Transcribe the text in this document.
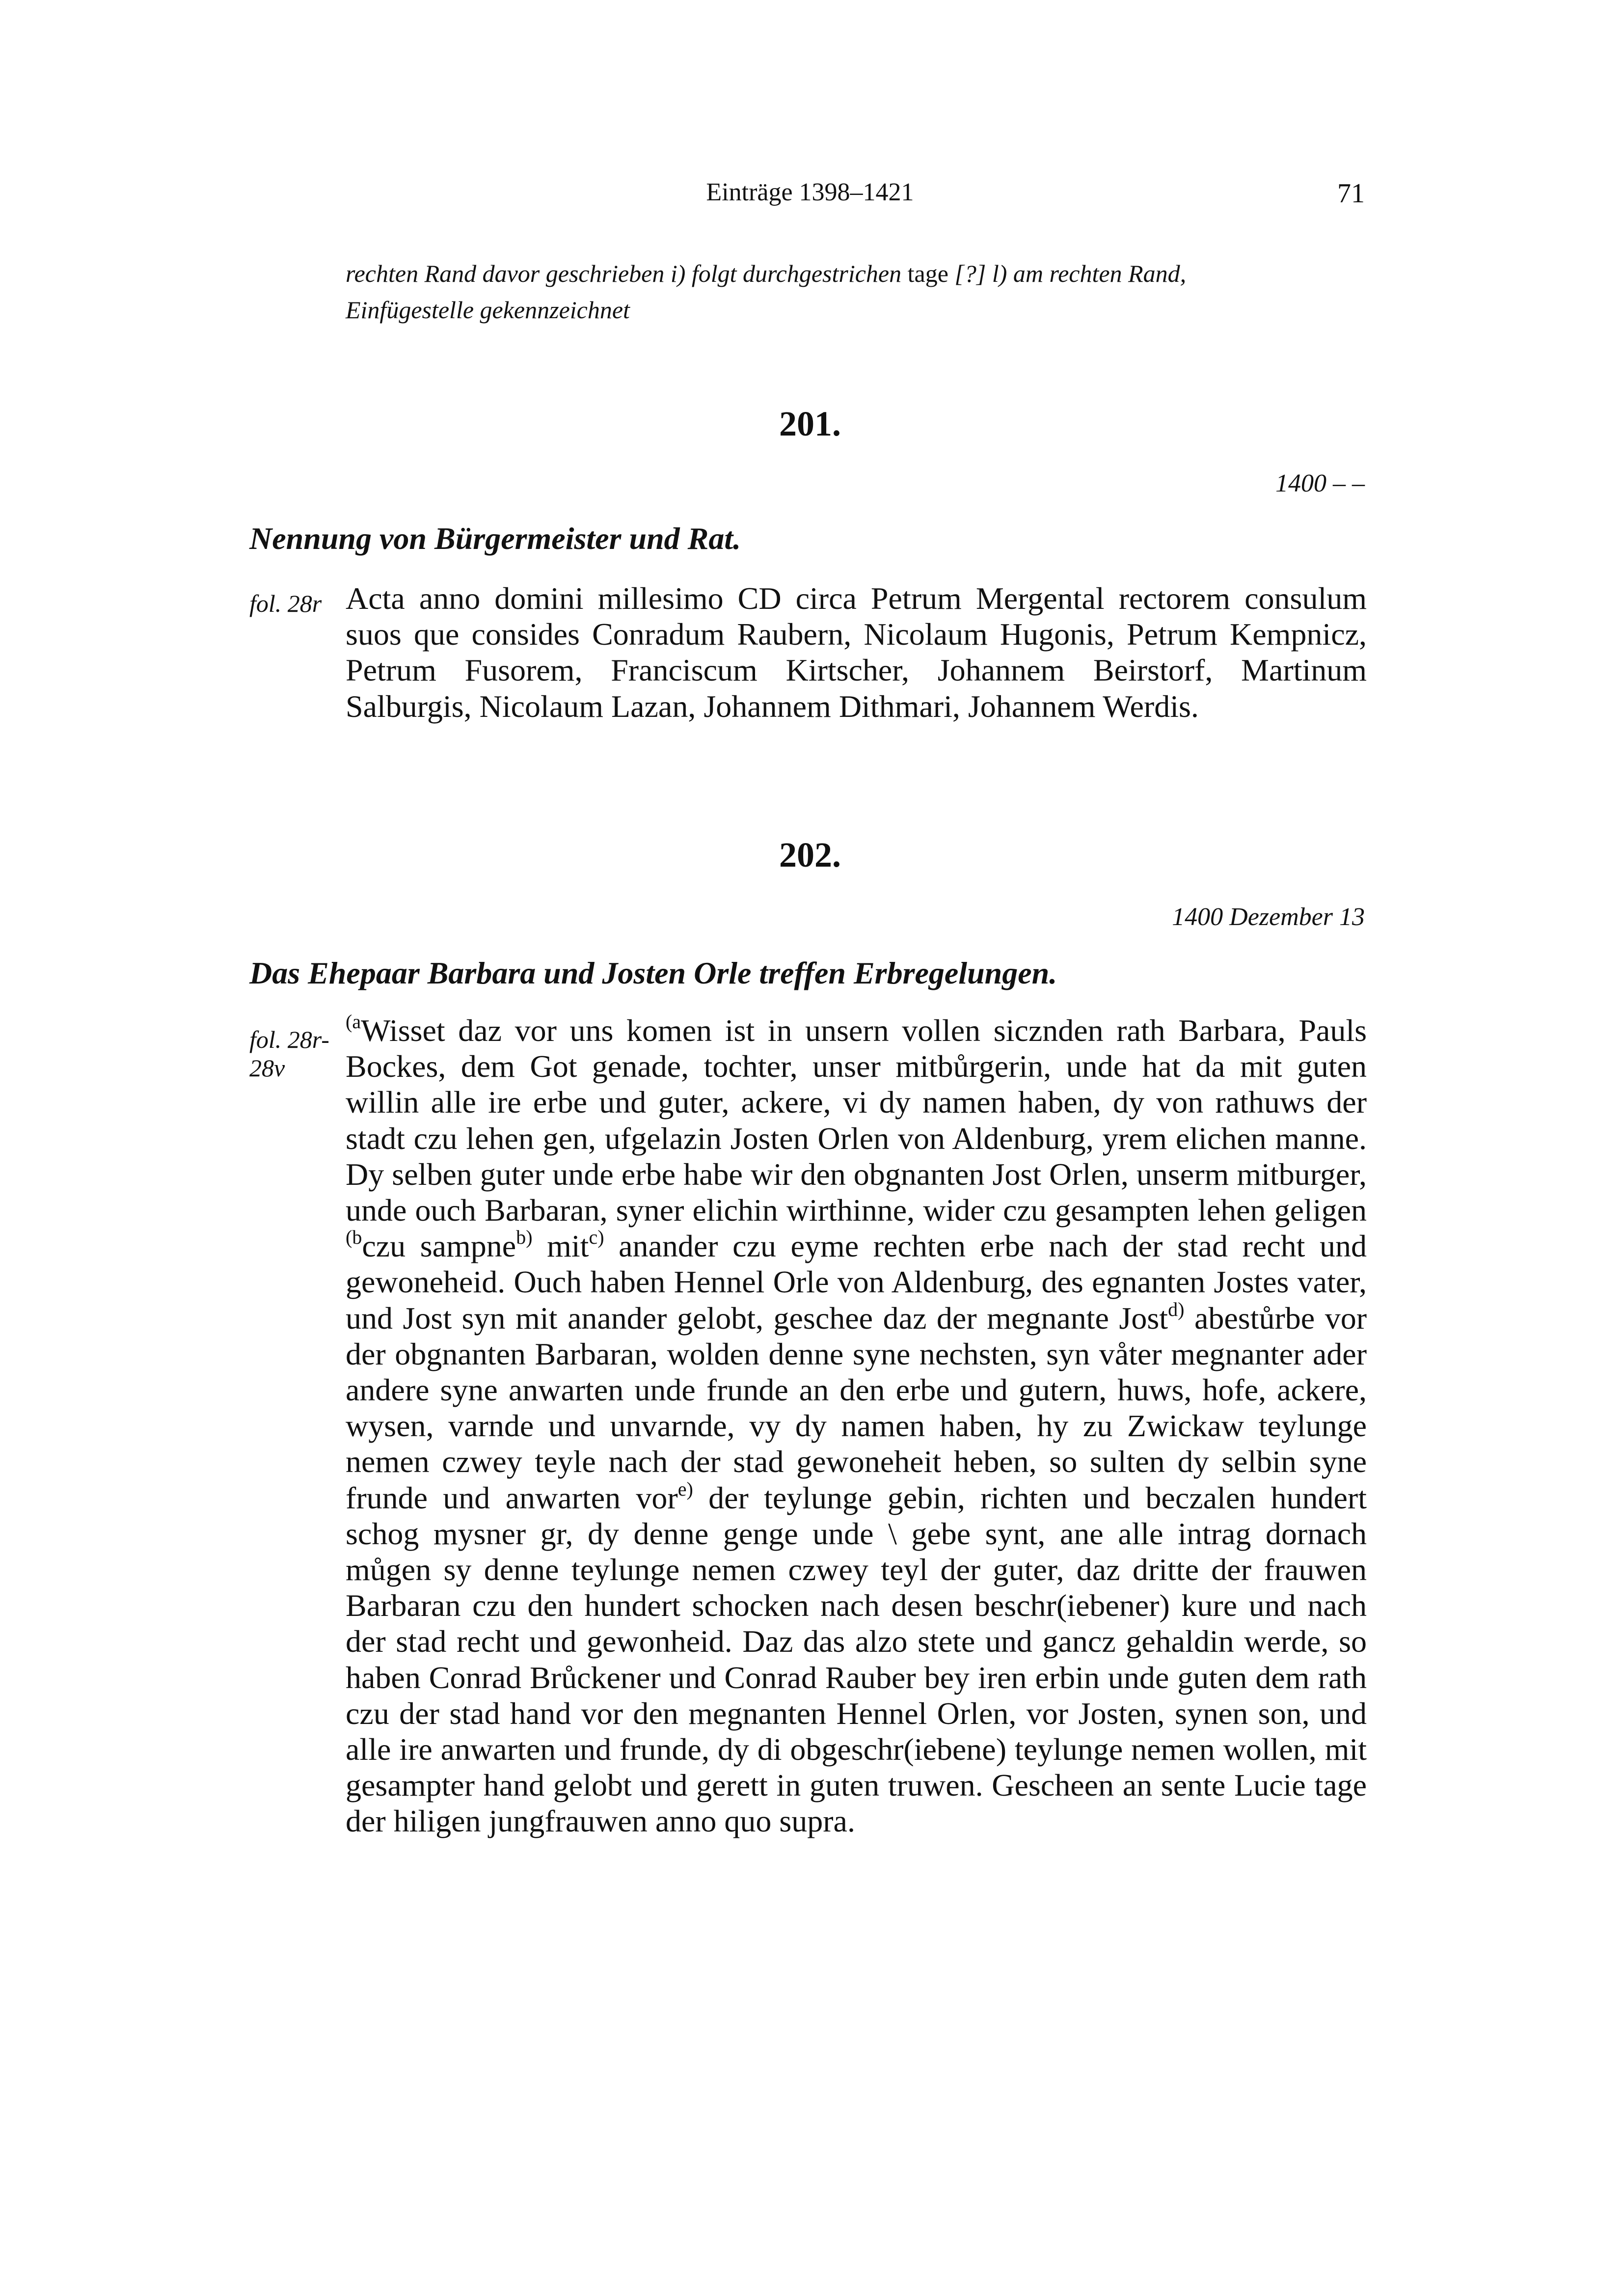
Einträge 1398–1421	71
rechten Rand davor geschrieben i) folgt durchgestrichen tage [?] l) am rechten Rand,
Einfügestelle gekennzeichnet
201.
1400 – –
Nennung von Bürgermeister und Rat.
fol. 28r Acta anno domini millesimo CD circa Petrum Mergental rectorem consulum suos que consides Conradum Raubern, Nicolaum Hugonis, Petrum Kempnicz, Petrum Fusorem, Franciscum Kirtscher, Johannem Beirstorf, Martinum Salburgis, Nicolaum Lazan, Johannem Dithmari, Johannem Werdis.
202.
1400 Dezember 13
Das Ehepaar Barbara und Josten Orle treffen Erbregelungen.
fol. 28r-28v
$^{(a}$Wisset daz vor uns komen ist in unsern vollen sicznden rath Barbara, Pauls Bockes, dem Got genade, tochter, unser mitbůrgerin, unde hat da mit guten willin alle ire erbe und guter, ackere, vi dy namen haben, dy von rathuws der stadt czu lehen gen, ufgelazin Josten Orlen von Aldenburg, yrem elichen manne. Dy selben guter unde erbe habe wir den obgnanten Jost Orlen, unserm mitburger, unde ouch Barbaran, syner elichin wirthinne, wider czu gesampten lehen geligen $^{(b}$czu sampne$^{b)}$ mit$^{c)}$ anander czu eyme rechten erbe nach der stad recht und gewoneheid. Ouch haben Hennel Orle von Aldenburg, des egnanten Jostes vater, und Jost syn mit anander gelobt, geschee daz der megnante Jost$^{d)}$ abestůrbe vor der obgnanten Barbaran, wolden denne syne nechsten, syn våter megnanter ader andere syne anwarten unde frunde an den erbe und gutern, huws, hofe, ackere, wysen, varnde und unvarnde, vy dy namen haben, hy zu Zwickaw teylunge nemen czwey teyle nach der stad gewoneheit heben, so sulten dy selbin syne frunde und anwarten vor$^{e)}$ der teylunge gebin, richten und beczalen hundert schog mysner gr, dy denne genge unde \ gebe synt, ane alle intrag dornach můgen sy denne teylunge nemen czwey teyl der guter, daz dritte der frauwen Barbaran czu den hundert schocken nach desen beschr(iebener) kure und nach der stad recht und gewonheid. Daz das alzo stete und gancz gehaldin werde, so haben Conrad Brůckener und Conrad Rauber bey iren erbin unde guten dem rath czu der stad hand vor den megnanten Hennel Orlen, vor Josten, synen son, und alle ire anwarten und frunde, dy di obgeschr(iebene) teylunge nemen wollen, mit gesampter hand gelobt und gerett in guten truwen. Gescheen an sente Lucie tage der hiligen jungfrauwen anno quo supra.
